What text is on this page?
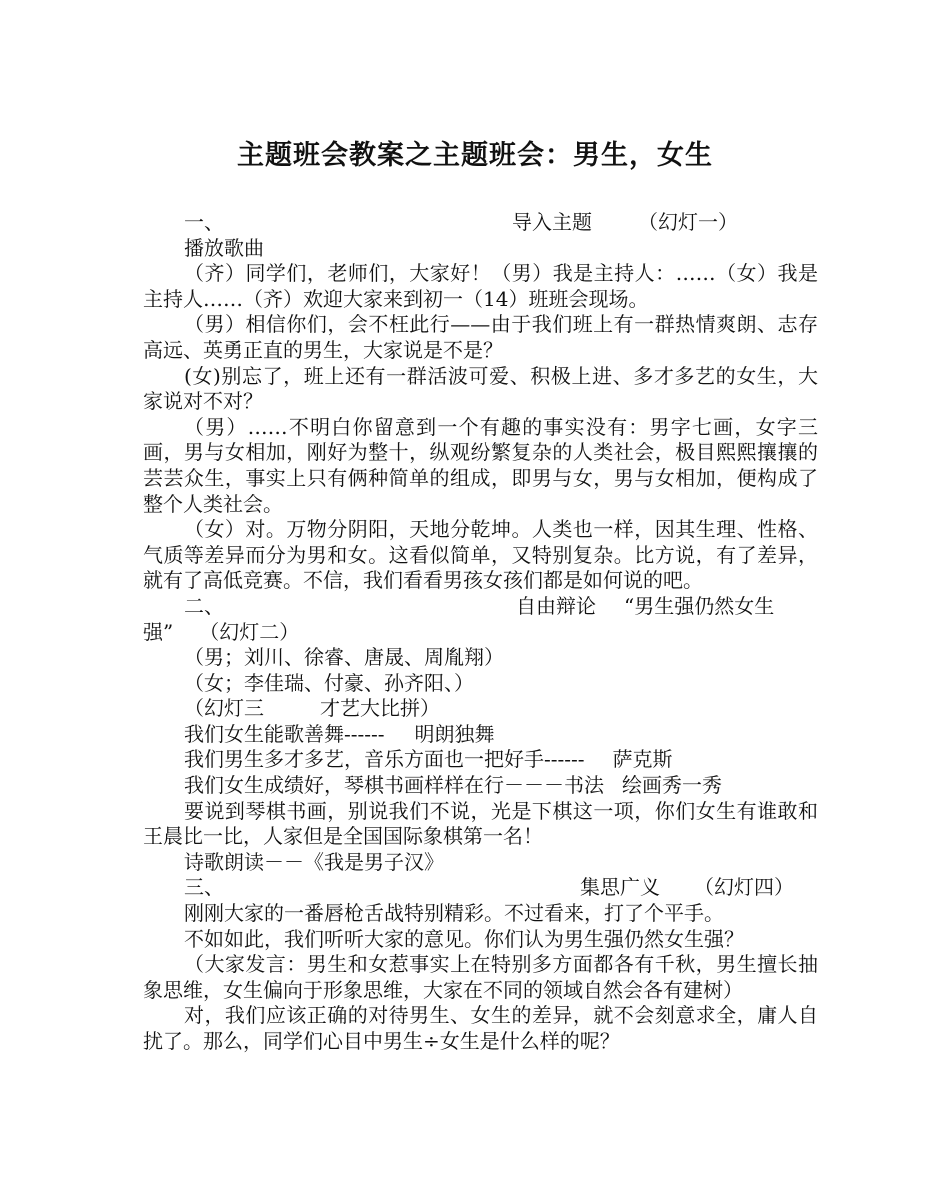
主题班会教案之主题班会：男生，女生

一、	导入主题 （幻灯一）

播放歌曲

（齐）同学们，老师们，大家好！（男）我是主持人：……（女）我是主持人……（齐）欢迎大家来到初一（14）班班会现场。

（男）相信你们，会不枉此行——由于我们班上有一群热情爽朗、志存高远、英勇正直的男生，大家说是不是？

(女)别忘了，班上还有一群活波可爱、积极上进、多才多艺的女生，大家说对不对？

（男）……不明白你留意到一个有趣的事实没有：男字七画，女字三画，男与女相加，刚好为整十，纵观纷繁复杂的人类社会，极目熙熙攘攘的芸芸众生，事实上只有俩种简单的组成，即男与女，男与女相加，便构成了整个人类社会。

（女）对。万物分阴阳，天地分乾坤。人类也一样，因其生理、性格、气质等差异而分为男和女。这看似简单，又特别复杂。比方说，有了差异，就有了高低竞赛。不信，我们看看男孩女孩们都是如何说的吧。

二、	自由辩论 “男生强仍然女生

强” （幻灯二）

（男；刘川、徐睿、唐晟、周胤翔）

（女；李佳瑞、付豪、孙齐阳、）

（幻灯三	才艺大比拼）

我们女生能歌善舞------ 明朗独舞

我们男生多才多艺，音乐方面也一把好手------ 萨克斯

我们女生成绩好，琴棋书画样样在行－－－书法 绘画秀一秀

要说到琴棋书画，别说我们不说，光是下棋这一项，你们女生有谁敢和王晨比一比，人家但是全国国际象棋第一名！

诗歌朗读－－《我是男子汉》

三、	集思广义 （幻灯四）

刚刚大家的一番唇枪舌战特别精彩。不过看来，打了个平手。

不如如此，我们听听大家的意见。你们认为男生强仍然女生强？

（大家发言：男生和女惹事实上在特别多方面都各有千秋，男生擅长抽象思维，女生偏向于形象思维，大家在不同的领域自然会各有建树）

对，我们应该正确的对待男生、女生的差异，就不会刻意求全，庸人自扰了。那么，同学们心目中男生÷女生是什么样的呢？
